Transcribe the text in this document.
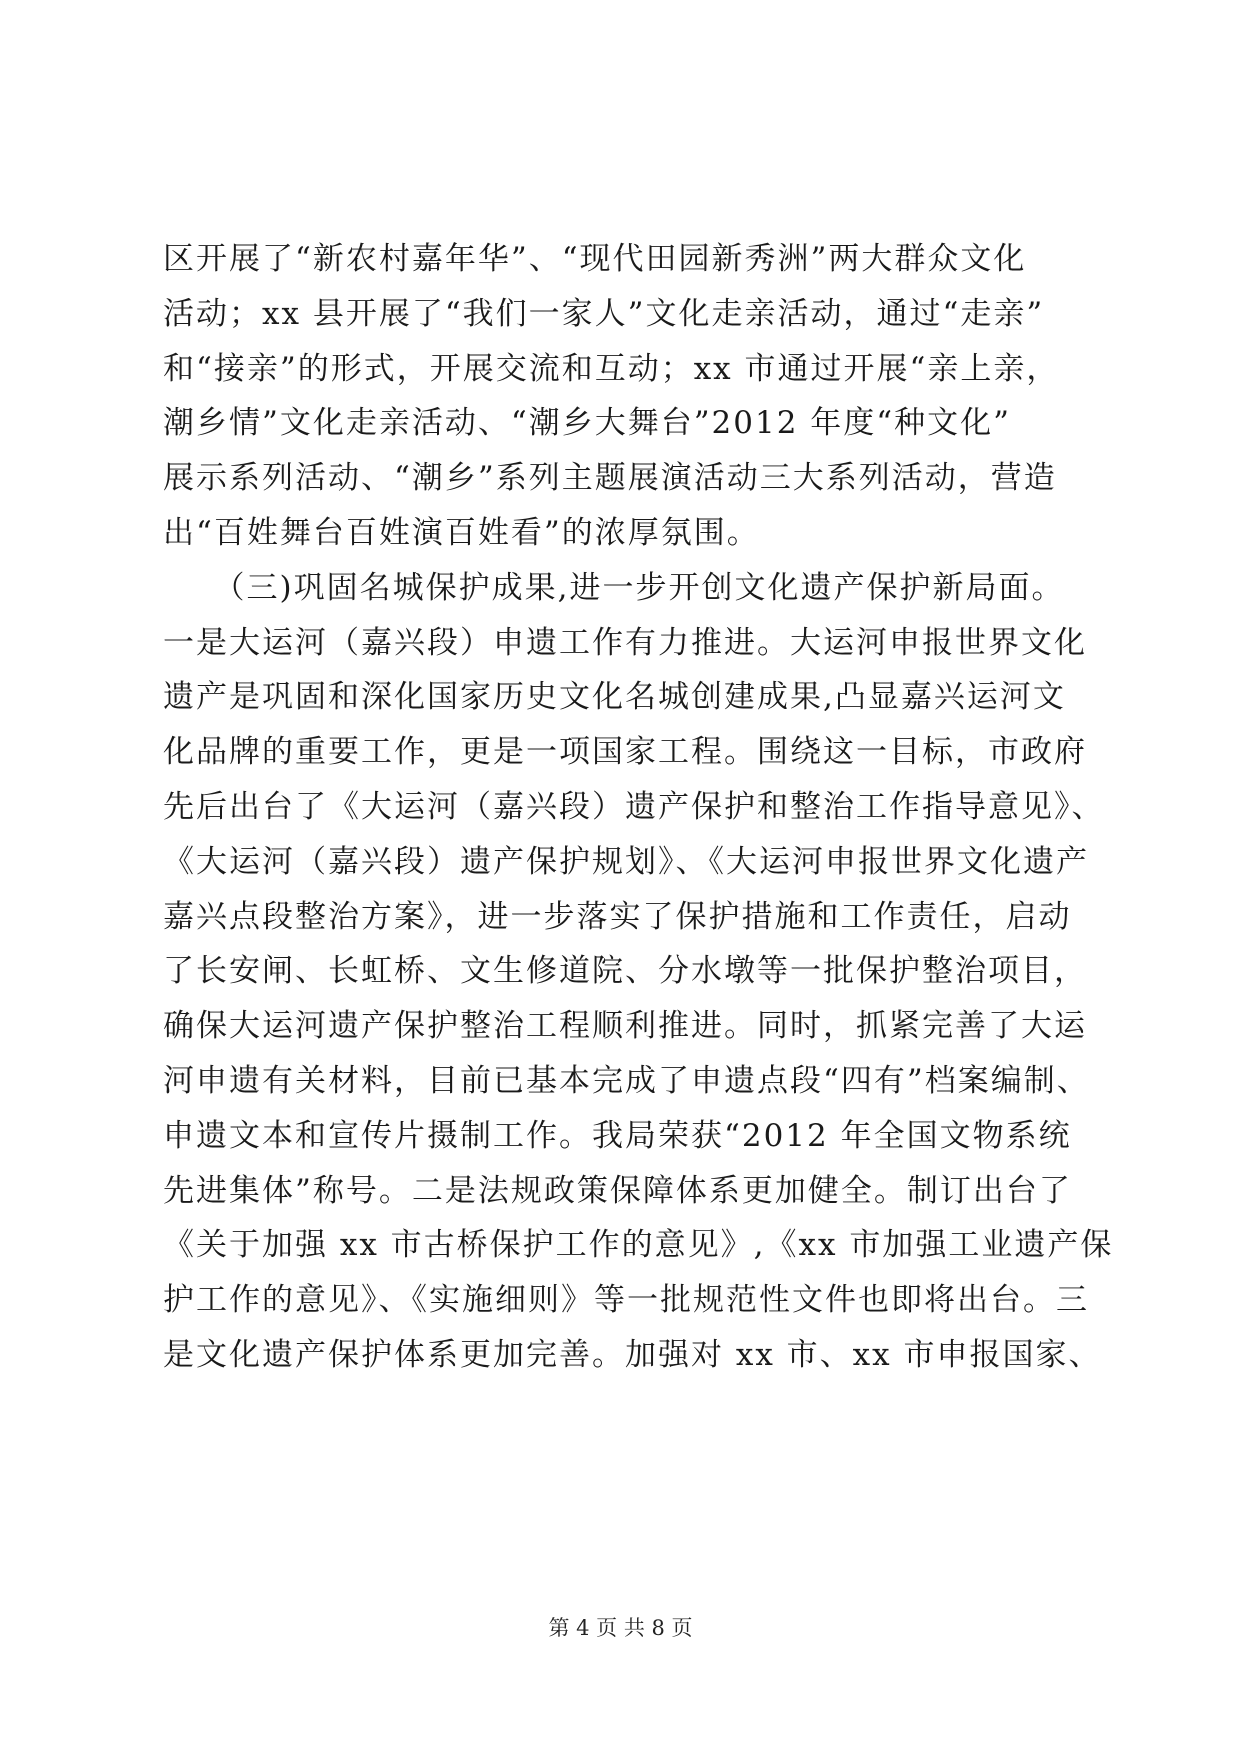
区开展了“新农村嘉年华”、“现代田园新秀洲”两大群众文化
活动；xx 县开展了“我们一家人”文化走亲活动，通过“走亲”
和“接亲”的形式，开展交流和互动；xx 市通过开展“亲上亲，
潮乡情”文化走亲活动、“潮乡大舞台”2012 年度“种文化”
展示系列活动、“潮乡”系列主题展演活动三大系列活动，营造
出“百姓舞台百姓演百姓看”的浓厚氛围。
　　（三)巩固名城保护成果,进一步开创文化遗产保护新局面。
一是大运河（嘉兴段）申遗工作有力推进。大运河申报世界文化
遗产是巩固和深化国家历史文化名城创建成果,凸显嘉兴运河文
化品牌的重要工作，更是一项国家工程。围绕这一目标，市政府
先后出台了《大运河（嘉兴段）遗产保护和整治工作指导意见》、
《大运河（嘉兴段）遗产保护规划》、《大运河申报世界文化遗产
嘉兴点段整治方案》，进一步落实了保护措施和工作责任，启动
了长安闸、长虹桥、文生修道院、分水墩等一批保护整治项目，
确保大运河遗产保护整治工程顺利推进。同时，抓紧完善了大运
河申遗有关材料，目前已基本完成了申遗点段“四有”档案编制、
申遗文本和宣传片摄制工作。我局荣获“2012 年全国文物系统
先进集体”称号。二是法规政策保障体系更加健全。制订出台了
《关于加强 xx 市古桥保护工作的意见》,《xx 市加强工业遗产保
护工作的意见》、《实施细则》等一批规范性文件也即将出台。三
是文化遗产保护体系更加完善。加强对 xx 市、xx 市申报国家、
第 4 页 共 8 页
